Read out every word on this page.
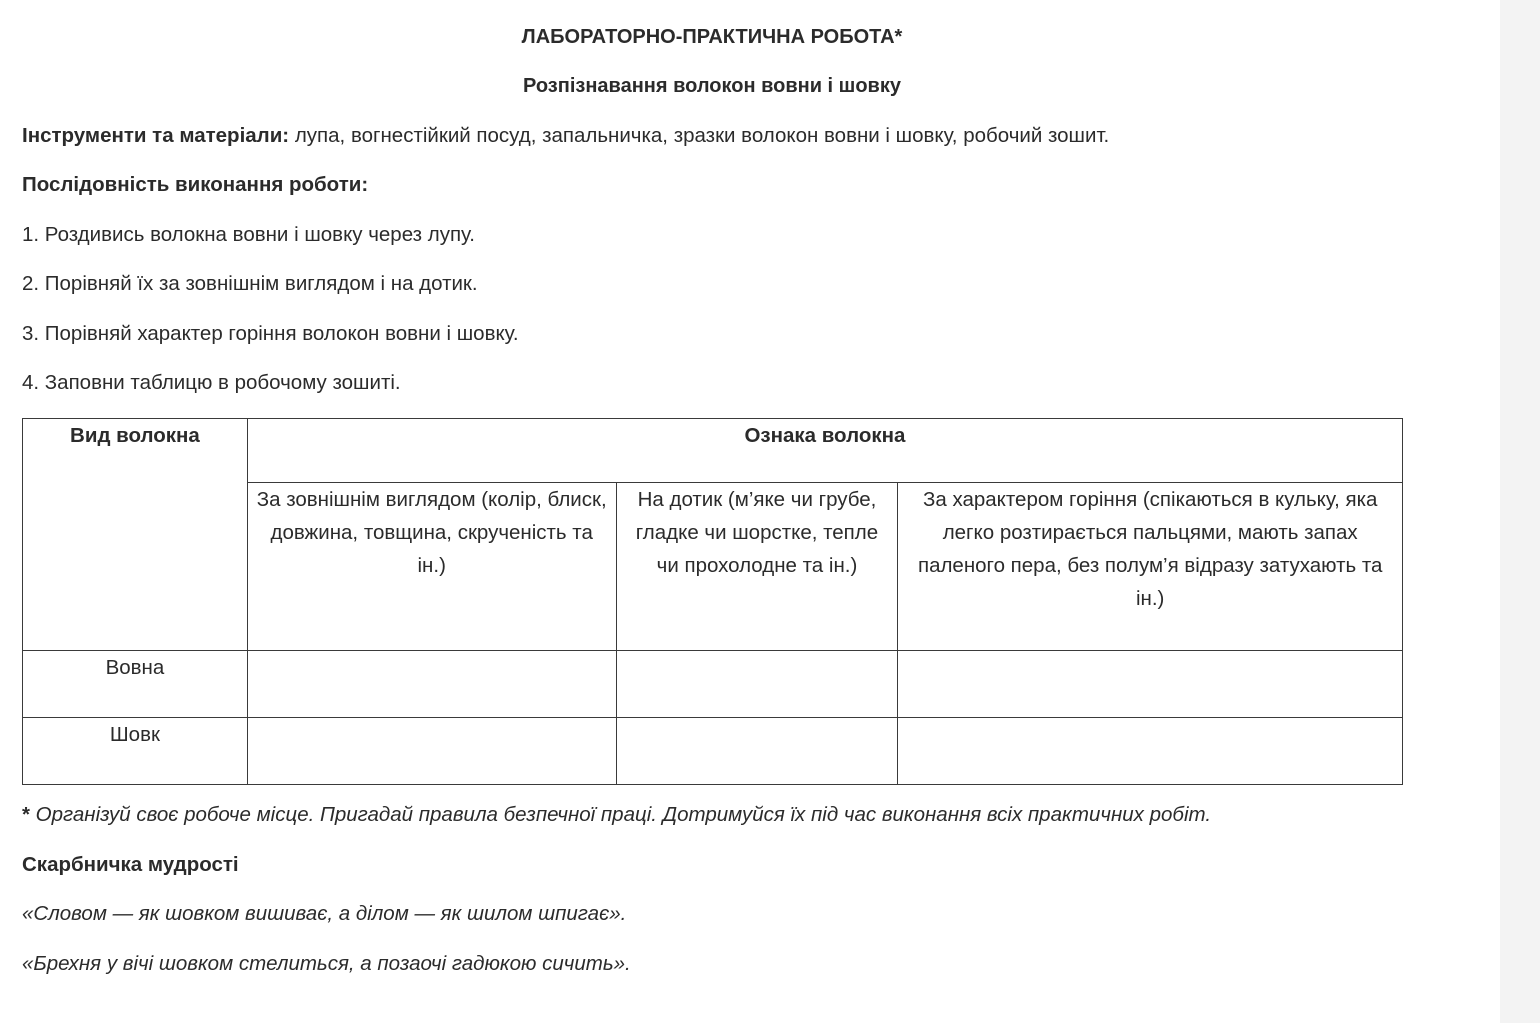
ЛАБОРАТОРНО-ПРАКТИЧНА РОБОТА*
Розпізнавання волокон вовни і шовку
Інструменти та матеріали: лупа, вогнестійкий посуд, запальничка, зразки волокон вовни і шовку, робочий зошит.
Послідовність виконання роботи:
1. Роздивись волокна вовни і шовку через лупу.
2. Порівняй їх за зовнішнім виглядом і на дотик.
3. Порівняй характер горіння волокон вовни і шовку.
4. Заповни таблицю в робочому зошиті.
Вид волокна	Ознака волокна		
	За зовнішнім виглядом (колір, блиск, довжина, товщина, скрученість та ін.)	На дотик (м’яке чи грубе, гладке чи шорстке, тепле чи прохолодне та ін.)	За характером горіння (спікаються в кульку, яка легко розтирається пальцями, мають запах паленого пера, без полум’я відразу затухають та ін.)
Вовна			
Шовк			
* Організуй своє робоче місце. Пригадай правила безпечної праці. Дотримуйся їх під час виконання всіх практичних робіт.
Скарбничка мудрості
«Словом — як шовком вишиває, а ділом — як шилом шпигає».
«Брехня у вічі шовком стелиться, а позаочі гадюкою сичить».
